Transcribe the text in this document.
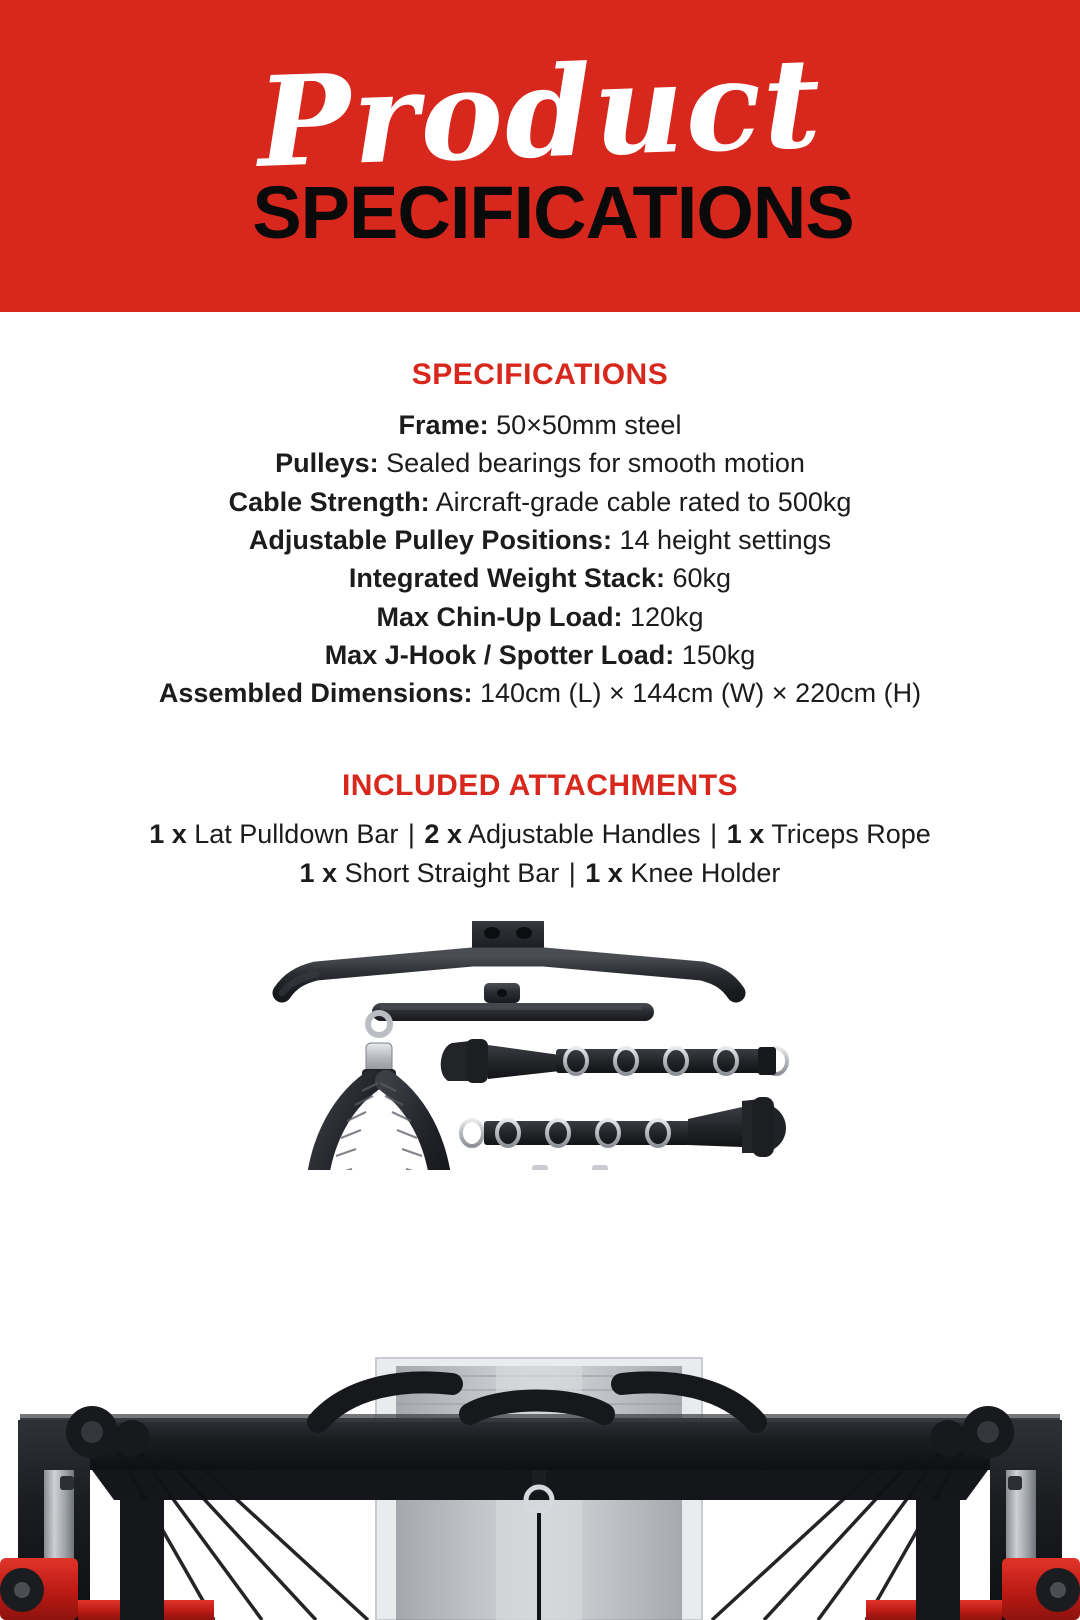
Product
SPECIFICATIONS
SPECIFICATIONS
Frame: 50×50mm steel
Pulleys: Sealed bearings for smooth motion
Cable Strength: Aircraft-grade cable rated to 500kg
Adjustable Pulley Positions: 14 height settings
Integrated Weight Stack: 60kg
Max Chin-Up Load: 120kg
Max J-Hook / Spotter Load: 150kg
Assembled Dimensions: 140cm (L) × 144cm (W) × 220cm (H)
INCLUDED ATTACHMENTS
1 x Lat Pulldown Bar | 2 x Adjustable Handles | 1 x Triceps Rope
1 x Short Straight Bar | 1 x Knee Holder
